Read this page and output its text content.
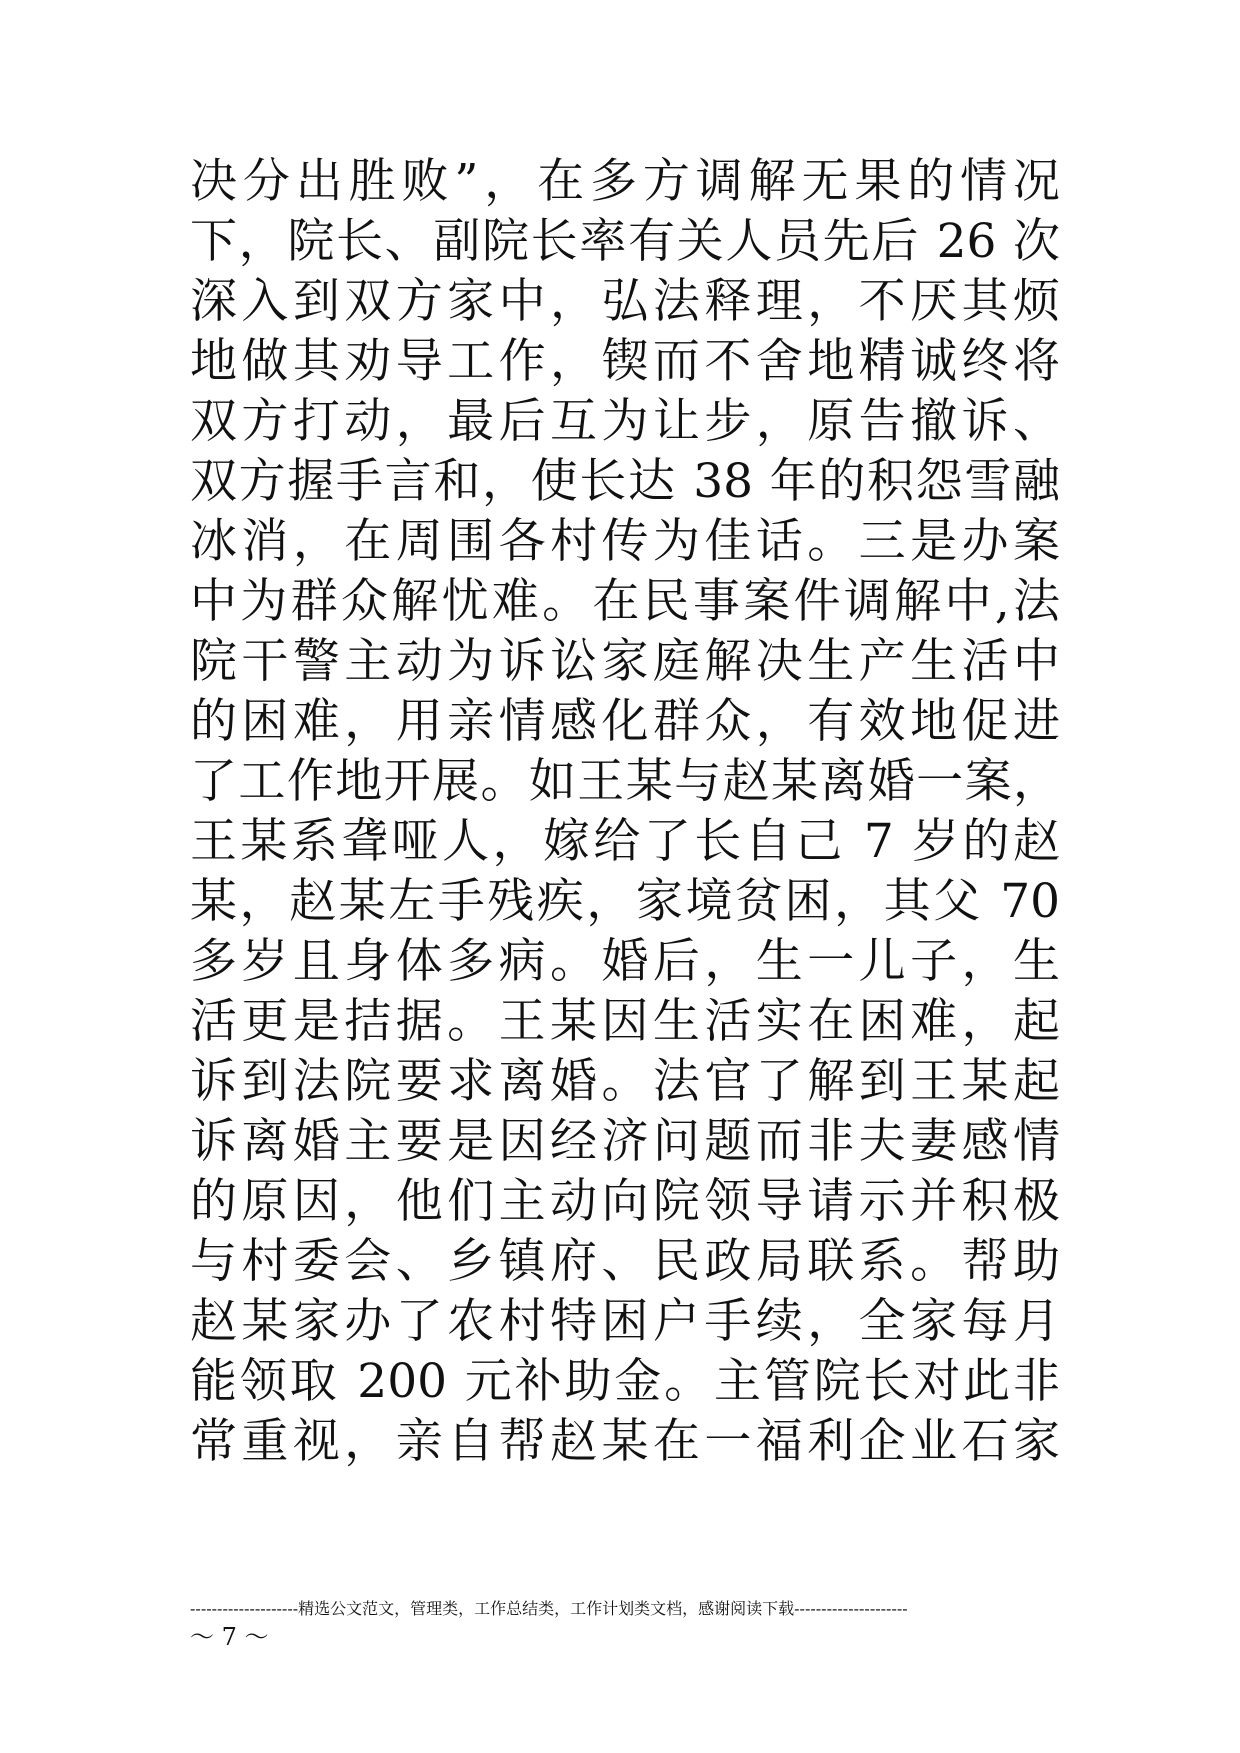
决分出胜败”，在多方调解无果的情况
下，院长、副院长率有关人员先后 26 次
深入到双方家中，弘法释理，不厌其烦
地做其劝导工作，锲而不舍地精诚终将
双方打动，最后互为让步，原告撤诉、
双方握手言和，使长达 38 年的积怨雪融
冰消，在周围各村传为佳话。三是办案
中为群众解忧难。在民事案件调解中,法
院干警主动为诉讼家庭解决生产生活中
的困难，用亲情感化群众，有效地促进
了工作地开展。如王某与赵某离婚一案，
王某系聋哑人，嫁给了长自己 7 岁的赵
某，赵某左手残疾，家境贫困，其父 70
多岁且身体多病。婚后，生一儿子，生
活更是拮据。王某因生活实在困难，起
诉到法院要求离婚。法官了解到王某起
诉离婚主要是因经济问题而非夫妻感情
的原因，他们主动向院领导请示并积极
与村委会、乡镇府、民政局联系。帮助
赵某家办了农村特困户手续，全家每月
能领取 200 元补助金。主管院长对此非
常重视，亲自帮赵某在一福利企业石家
--------------------精选公文范文，管理类，工作总结类，工作计划类文档，感谢阅读下载---------------------
～ 7 ～
